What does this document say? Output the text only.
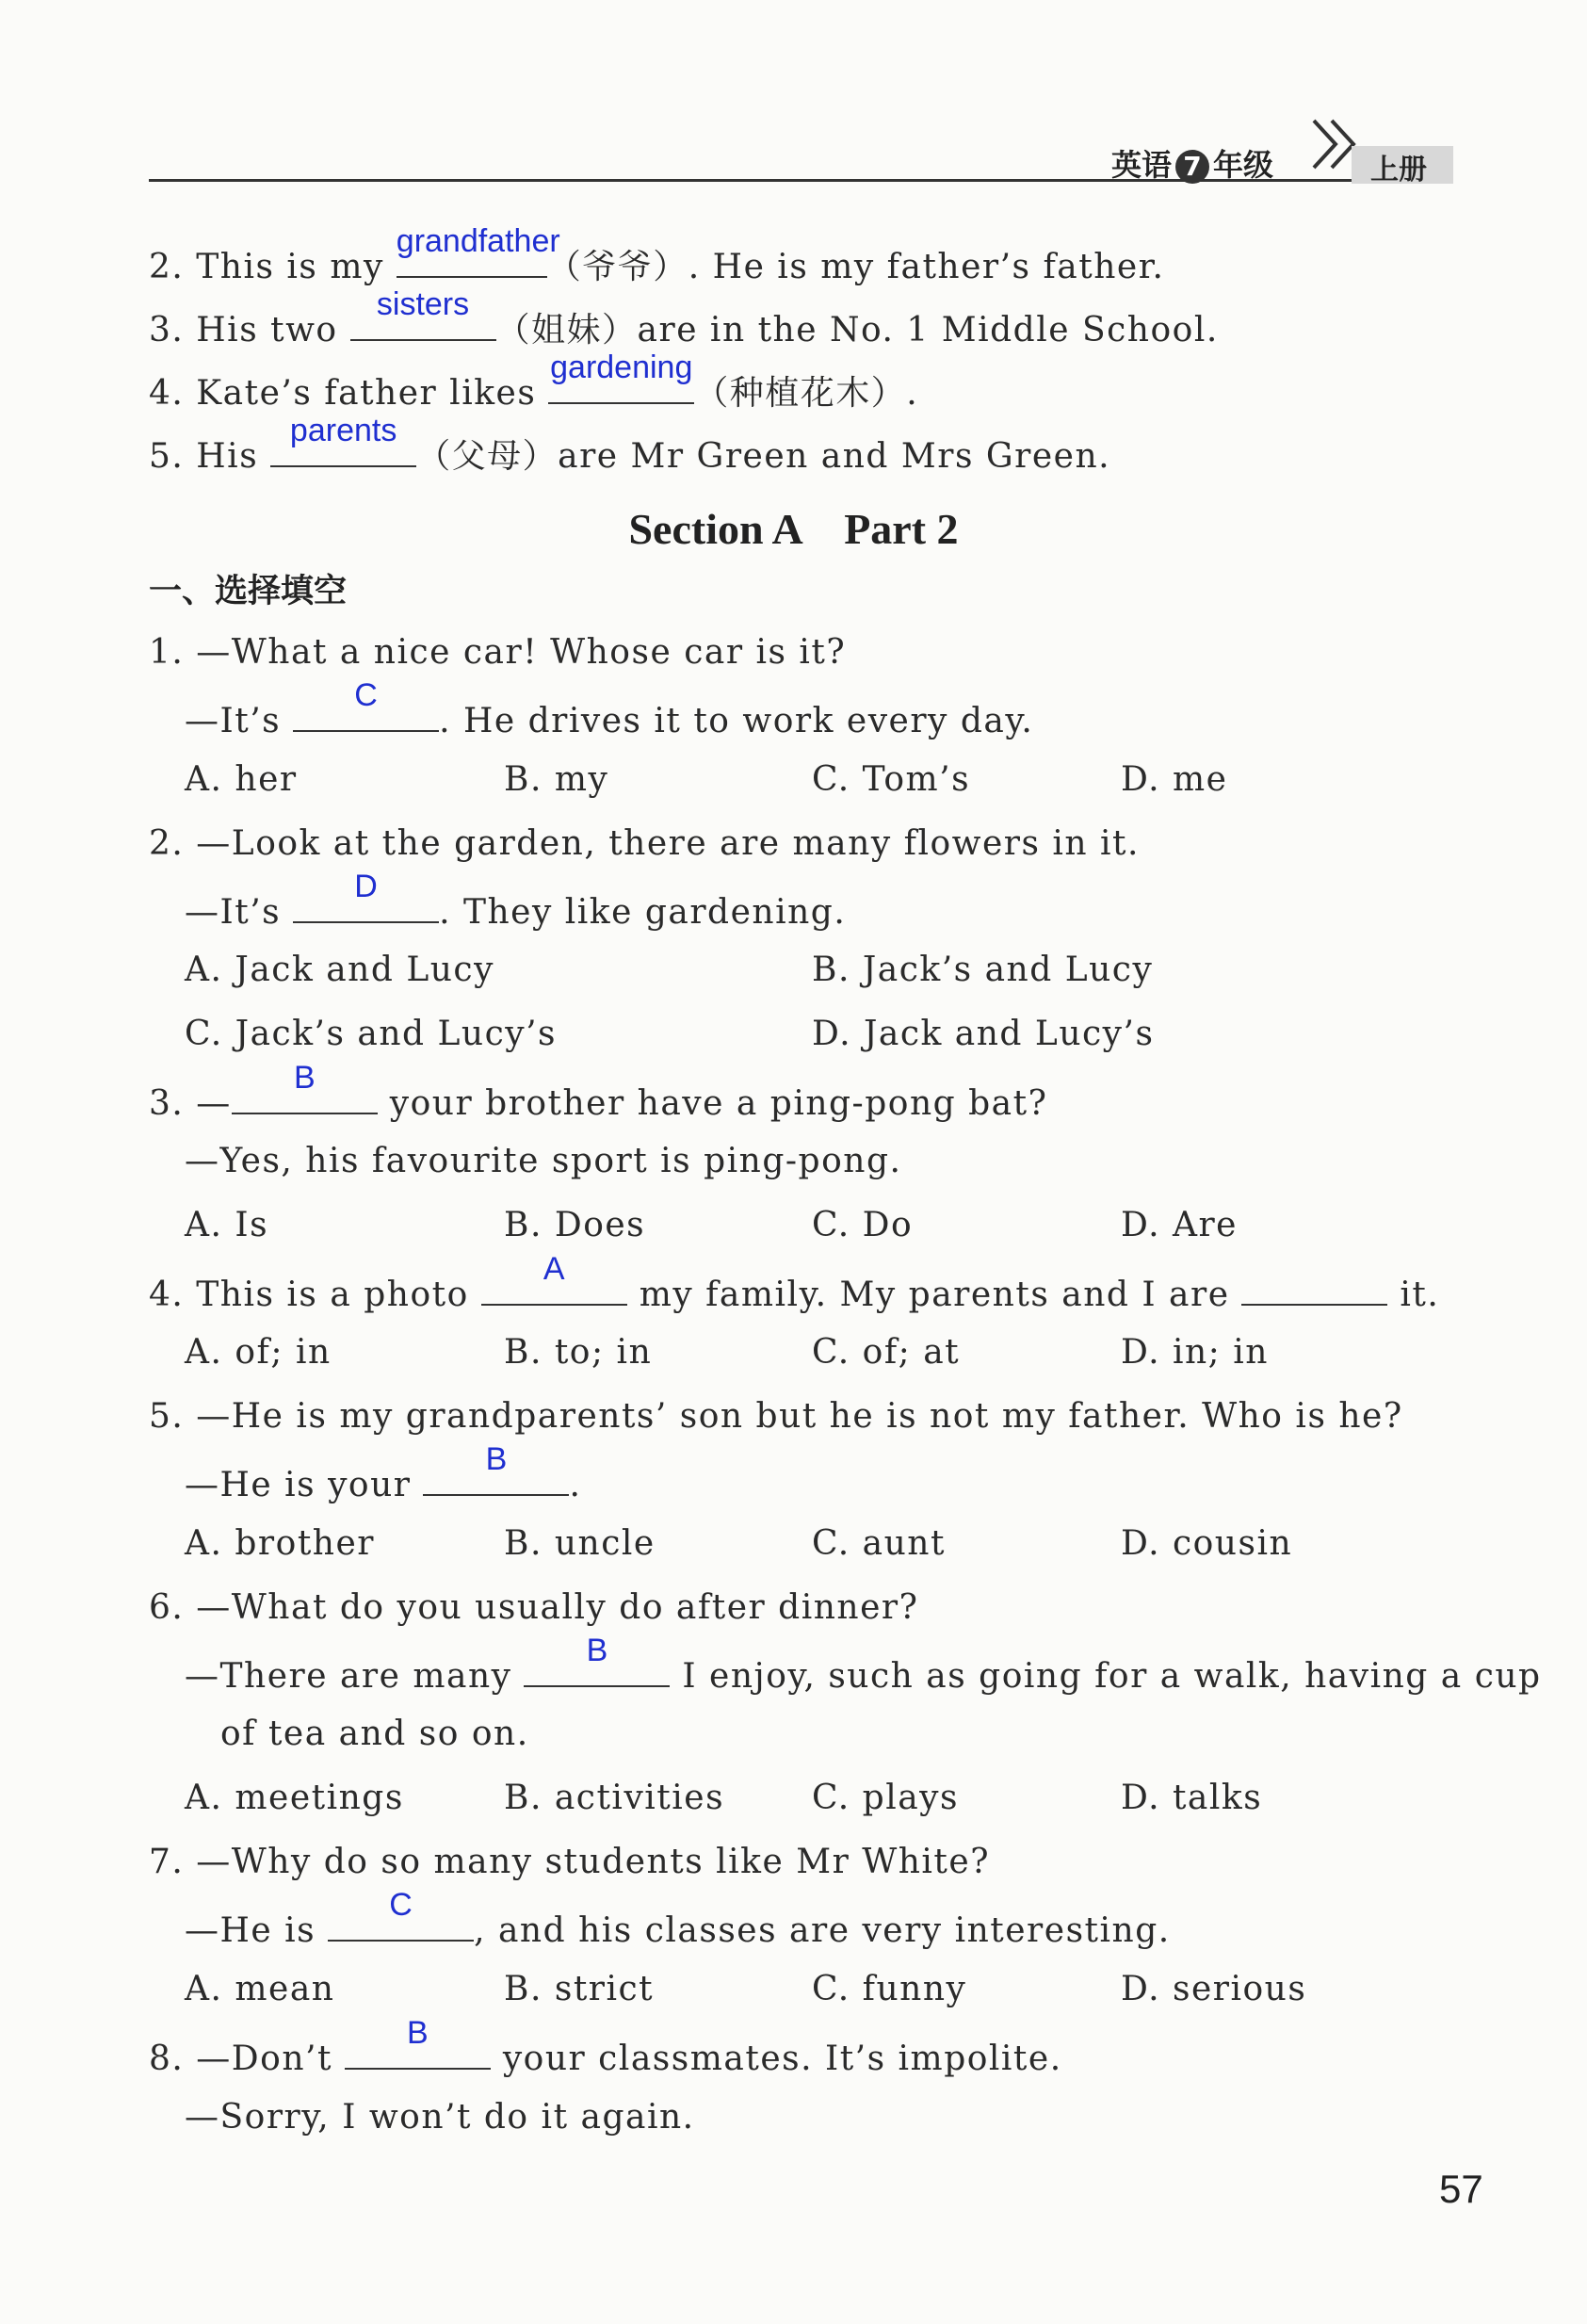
英语 7 年级	上册
2. This is my
grandfather
（爷爷）. He is my father’s father.
3. His two
sisters
（姐妹）are in the No. 1 Middle School.
4. Kate’s father likes
gardening
（种植花木）.
5. His
parents
（父母）are Mr Green and Mrs Green.
Section A　Part 2
一、选择填空
1. —What a nice car! Whose car is it?
—It’s
C
. He drives it to work every day.
A. her	B. my	C. Tom’s	D. me
2. —Look at the garden, there are many flowers in it.
—It’s
D
. They like gardening.
A. Jack and Lucy	B. Jack’s and Lucy
C. Jack’s and Lucy’s	D. Jack and Lucy’s
3. —
B
your brother have a ping-pong bat?
—Yes, his favourite sport is ping-pong.
A. Is	B. Does	C. Do	D. Are
4. This is a photo
A
my family. My parents and I are	it.
A. of; in	B. to; in	C. of; at	D. in; in
5. —He is my grandparents’ son but he is not my father. Who is he?
—He is your
B
.
A. brother	B. uncle	C. aunt	D. cousin
6. —What do you usually do after dinner?
—There are many
B
I enjoy, such as going for a walk, having a cup
of tea and so on.
A. meetings	B. activities	C. plays	D. talks
7. —Why do so many students like Mr White?
—He is
C
, and his classes are very interesting.
A. mean	B. strict	C. funny	D. serious
8. —Don’t
B
your classmates. It’s impolite.
—Sorry, I won’t do it again.
57
